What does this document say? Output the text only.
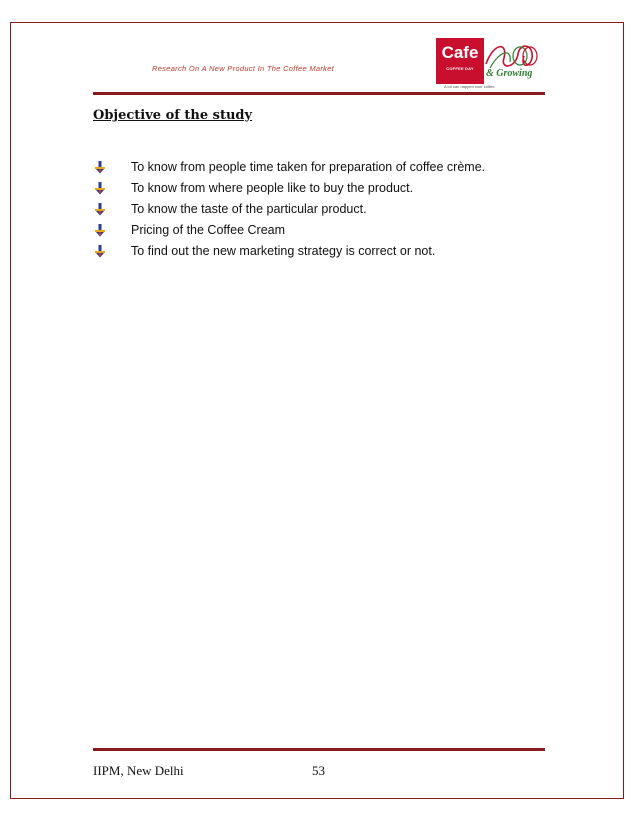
Research On A New Product In The Coffee Market
Cafe
COFFEE DAY	& Growing
A lot can happen over coffee
Objective of the study
To know from people time taken for preparation of coffee crème.
To know from where people like to buy the product.
To know the taste of the particular product.
Pricing of the Coffee Cream
To find out the new marketing strategy is correct or not.
IIPM, New Delhi	53
